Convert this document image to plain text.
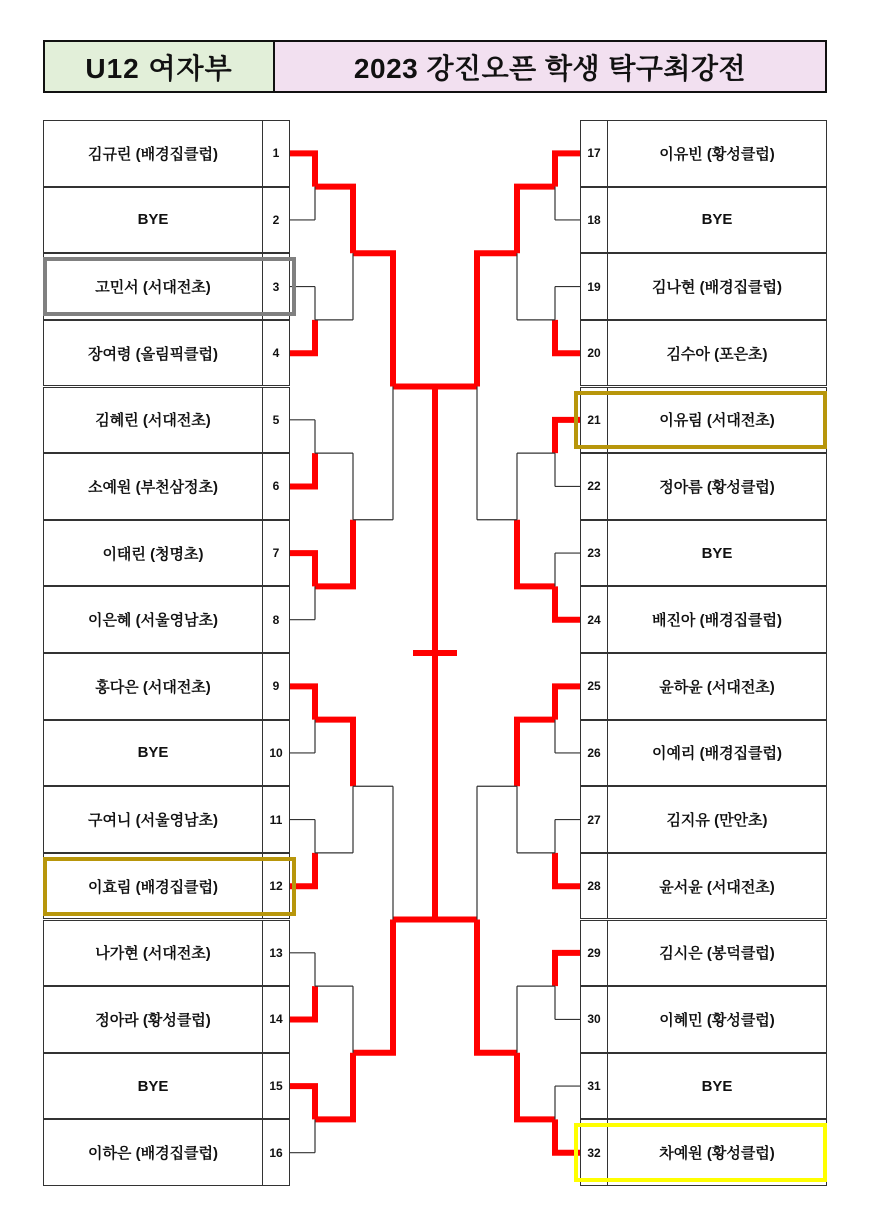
U12 여자부	2023 강진오픈 학생 탁구최강전
김규린 (배경집클럽)	1
BYE	2
고민서 (서대전초)	3
장여령 (올림픽클럽)	4
김혜린 (서대전초)	5
소예원 (부천삼정초)	6
이태린 (청명초)	7
이은혜 (서울영남초)	8
홍다은 (서대전초)	9
BYE	10
구여니 (서울영남초)	11
이효림 (배경집클럽)	12
나가현 (서대전초)	13
정아라 (황성클럽)	14
BYE	15
이하은 (배경집클럽)	16
17	이유빈 (황성클럽)
18	BYE
19	김나현 (배경집클럽)
20	김수아 (포은초)
21	이유림 (서대전초)
22	정아름 (황성클럽)
23	BYE
24	배진아 (배경집클럽)
25	윤하윤 (서대전초)
26	이예리 (배경집클럽)
27	김지유 (만안초)
28	윤서윤 (서대전초)
29	김시은 (봉덕클럽)
30	이혜민 (황성클럽)
31	BYE
32	차예원 (황성클럽)
